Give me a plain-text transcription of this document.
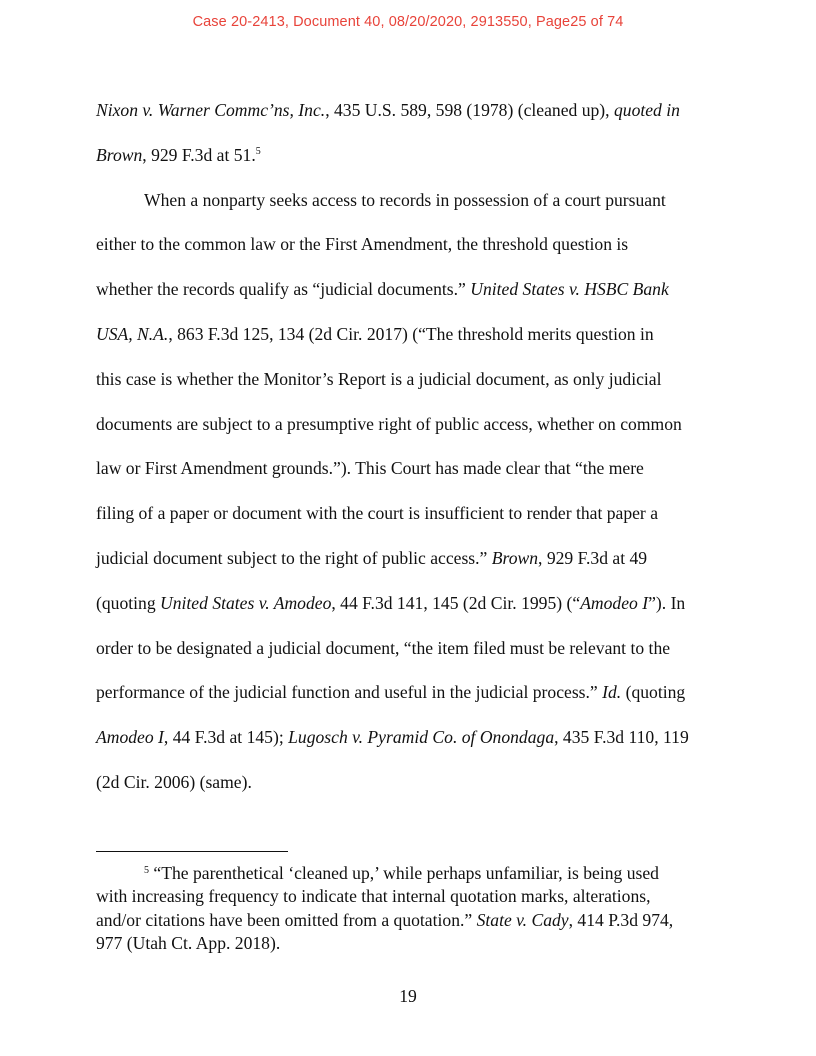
Case 20-2413, Document 40, 08/20/2020, 2913550, Page25 of 74

Nixon v. Warner Commc’ns, Inc., 435 U.S. 589, 598 (1978) (cleaned up), quoted in
Brown, 929 F.3d at 51.$^5$

When a nonparty seeks access to records in possession of a court pursuant
either to the common law or the First Amendment, the threshold question is
whether the records qualify as “judicial documents.” United States v. HSBC Bank
USA, N.A., 863 F.3d 125, 134 (2d Cir. 2017) (“The threshold merits question in
this case is whether the Monitor’s Report is a judicial document, as only judicial
documents are subject to a presumptive right of public access, whether on common
law or First Amendment grounds.”). This Court has made clear that “the mere
filing of a paper or document with the court is insufficient to render that paper a
judicial document subject to the right of public access.” Brown, 929 F.3d at 49
(quoting United States v. Amodeo, 44 F.3d 141, 145 (2d Cir. 1995) (“Amodeo I”). In
order to be designated a judicial document, “the item filed must be relevant to the
performance of the judicial function and useful in the judicial process.” Id. (quoting
Amodeo I, 44 F.3d at 145); Lugosch v. Pyramid Co. of Onondaga, 435 F.3d 110, 119
(2d Cir. 2006) (same).

$^5$ “The parenthetical ‘cleaned up,’ while perhaps unfamiliar, is being used
with increasing frequency to indicate that internal quotation marks, alterations,
and/or citations have been omitted from a quotation.” State v. Cady, 414 P.3d 974,
977 (Utah Ct. App. 2018).
19
